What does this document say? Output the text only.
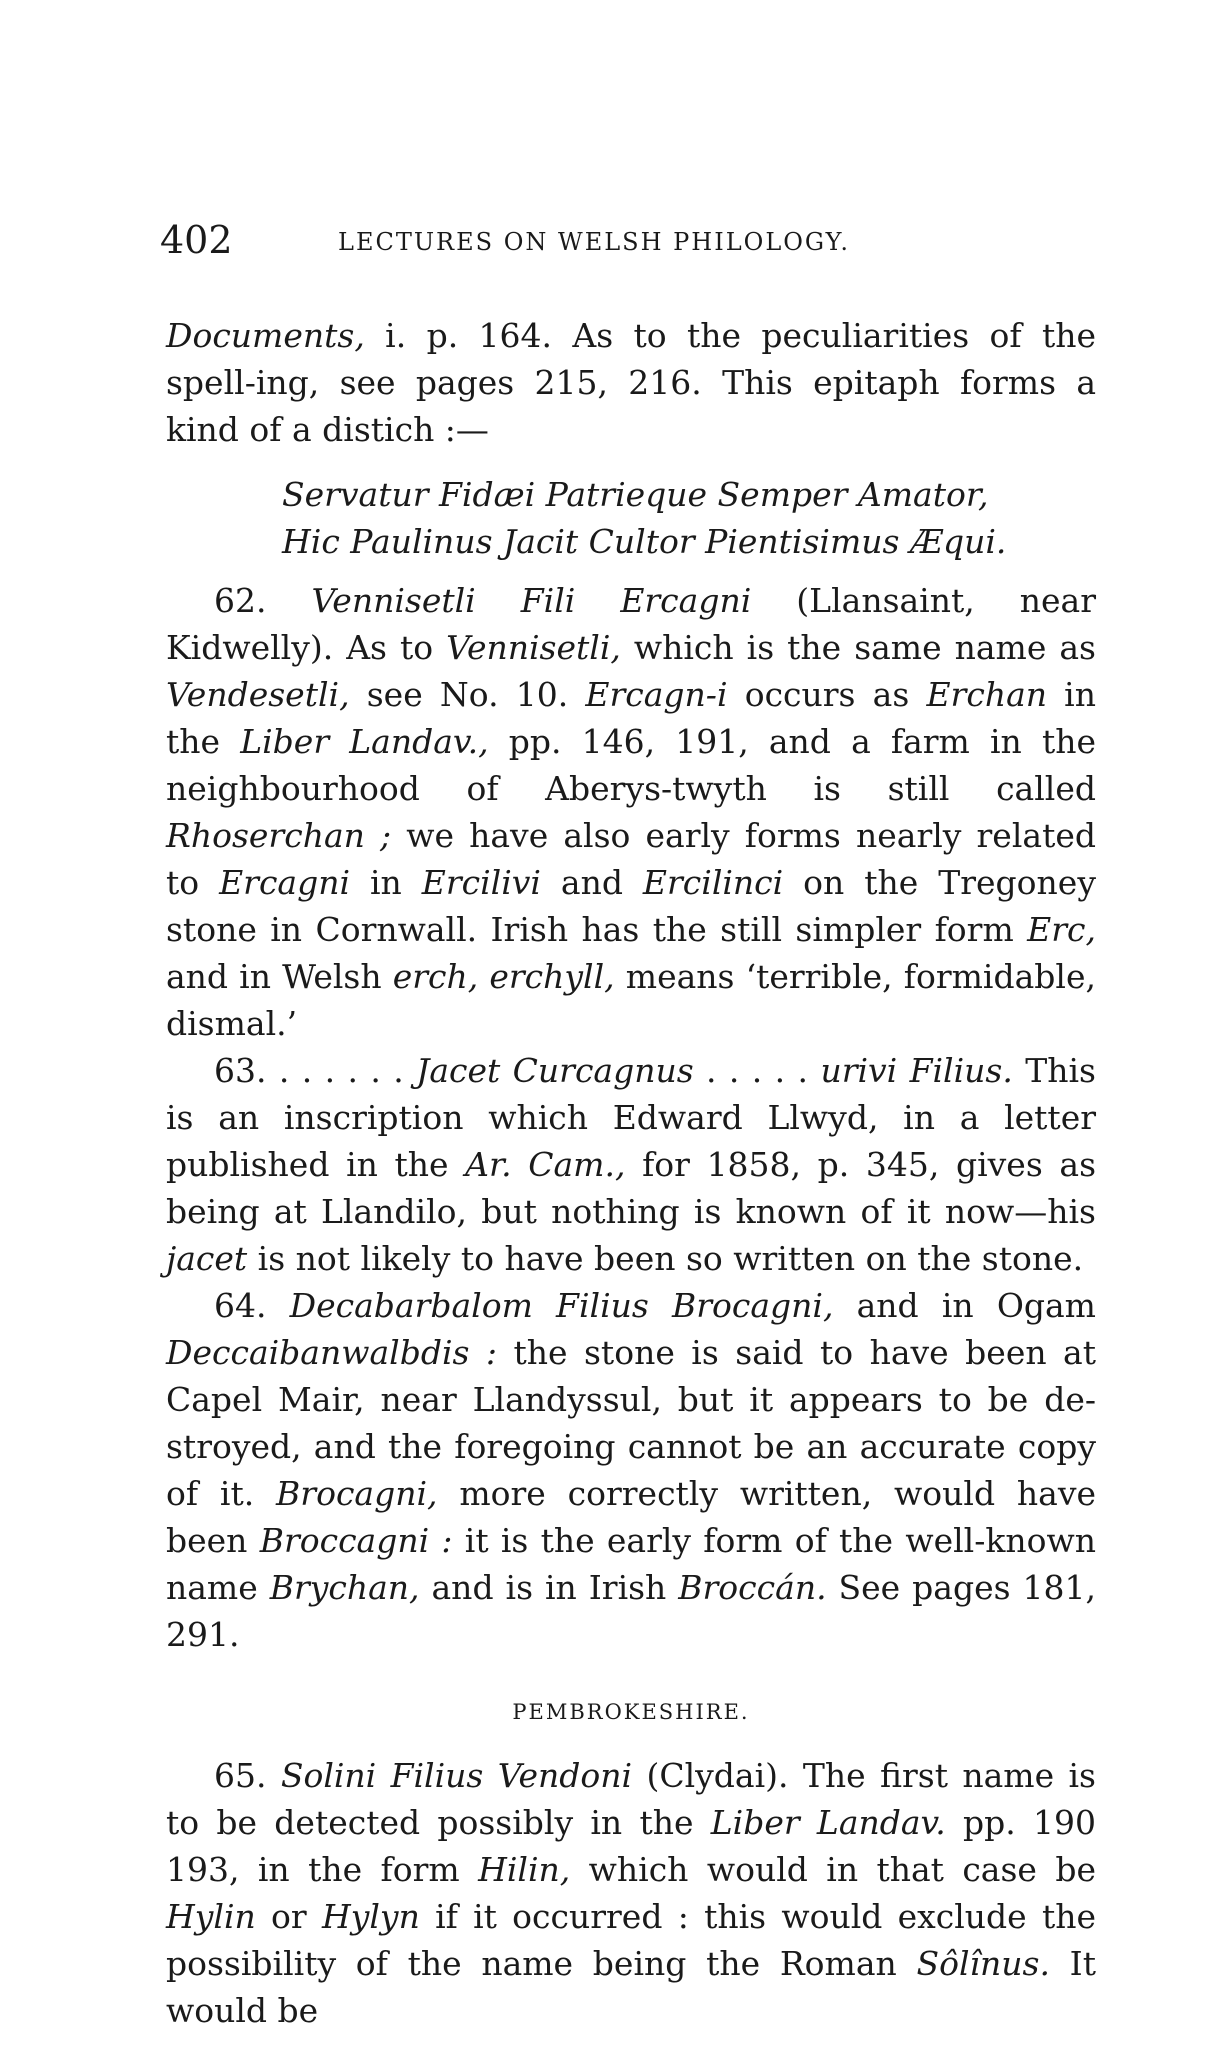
402	LECTURES ON WELSH PHILOLOGY.

Documents, i. p. 164. As to the peculiarities of the spell-ing, see pages 215, 216. This epitaph forms a kind of a distich :—

Servatur Fidæi Patrieque Semper Amator,
Hic Paulinus Jacit Cultor Pientisimus Æqui.

62. Vennisetli Fili Ercagni (Llansaint, near Kidwelly). As to Vennisetli, which is the same name as Vendesetli, see No. 10. Ercagn-i occurs as Erchan in the Liber Landav., pp. 146, 191, and a farm in the neighbourhood of Aberys-twyth is still called Rhoserchan ; we have also early forms nearly related to Ercagni in Ercilivi and Ercilinci on the Tregoney stone in Cornwall. Irish has the still simpler form Erc, and in Welsh erch, erchyll, means ‘terrible, formidable, dismal.’

63. . . . . . . Jacet Curcagnus . . . . . urivi Filius. This is an inscription which Edward Llwyd, in a letter published in the Ar. Cam., for 1858, p. 345, gives as being at Llandilo, but nothing is known of it now—his jacet is not likely to have been so written on the stone.

64. Decabarbalom Filius Brocagni, and in Ogam Deccaibanwalbdis : the stone is said to have been at Capel Mair, near Llandyssul, but it appears to be de-stroyed, and the foregoing cannot be an accurate copy of it. Brocagni, more correctly written, would have been Broccagni : it is the early form of the well-known name Brychan, and is in Irish Broccán. See pages 181, 291.

PEMBROKESHIRE.

65. Solini Filius Vendoni (Clydai). The first name is to be detected possibly in the Liber Landav. pp. 190 193, in the form Hilin, which would in that case be Hylin or Hylyn if it occurred : this would exclude the possibility of the name being the Roman Sôlînus. It would be
